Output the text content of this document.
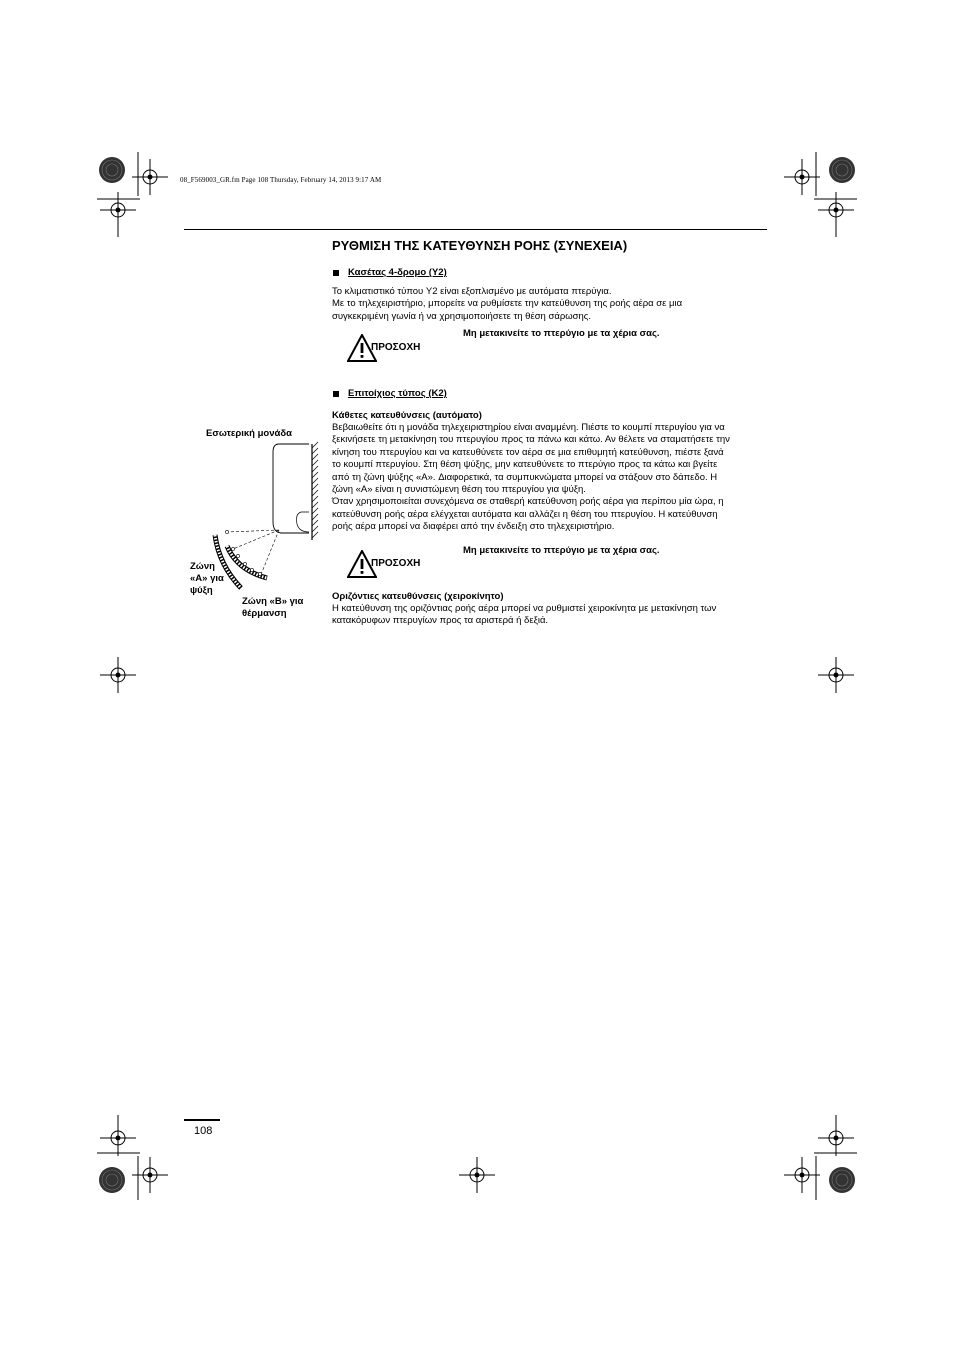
08_F569003_GR.fm Page 108 Thursday, February 14, 2013 9:17 AM
ΡΥΘΜΙΣΗ ΤΗΣ ΚΑΤΕΥΘΥΝΣΗ ΡΟΗΣ (ΣΥΝΕΧΕΙΑ)
Κασέτας 4-δρομο (Y2)

Το κλιματιστικό τύπου Y2 είναι εξοπλισμένο με αυτόματα πτερύγια.

Με το τηλεχειριστήριο, μπορείτε να ρυθμίσετε την κατεύθυνση της ροής αέρα σε μια

συγκεκριμένη γωνία ή να χρησιμοποιήσετε τη θέση σάρωσης.

Μη μετακινείτε το πτερύγιο με τα χέρια σας.
ΠΡΟΣΟΧΗ
Επιτοίχιος τύπος (K2)
Κάθετες κατευθύνσεις (αυτόματο)

Βεβαιωθείτε ότι η μονάδα τηλεχειριστηρίου είναι αναμμένη. Πιέστε το κουμπί πτερυγίου για να

ξεκινήσετε τη μετακίνηση του πτερυγίου προς τα πάνω και κάτω. Αν θέλετε να σταματήσετε την

κίνηση του πτερυγίου και να κατευθύνετε τον αέρα σε μια επιθυμητή κατεύθυνση, πιέστε ξανά

το κουμπί πτερυγίου. Στη θέση ψύξης, μην κατευθύνετε το πτερύγιο προς τα κάτω και βγείτε

από τη ζώνη ψύξης «A». Διαφορετικά, τα συμπυκνώματα μπορεί να στάξουν στο δάπεδο. Η

ζώνη «A» είναι η συνιστώμενη θέση του πτερυγίου για ψύξη.

Όταν χρησιμοποιείται συνεχόμενα σε σταθερή κατεύθυνση ροής αέρα για περίπου μία ώρα, η

κατεύθυνση ροής αέρα ελέγχεται αυτόματα και αλλάζει η θέση του πτερυγίου. Η κατεύθυνση

ροής αέρα μπορεί να διαφέρει από την ένδειξη στο τηλεχειριστήριο.

Μη μετακινείτε το πτερύγιο με τα χέρια σας.
ΠΡΟΣΟΧΗ
Οριζόντιες κατευθύνσεις (χειροκίνητο)

Η κατεύθυνση της οριζόντιας ροής αέρα μπορεί να ρυθμιστεί χειροκίνητα με μετακίνηση των

κατακόρυφων πτερυγίων προς τα αριστερά ή δεξιά.

Εσωτερική μονάδα

Ζώνη

«A» για

ψύξη

Ζώνη «B» για

θέρμανση

108
